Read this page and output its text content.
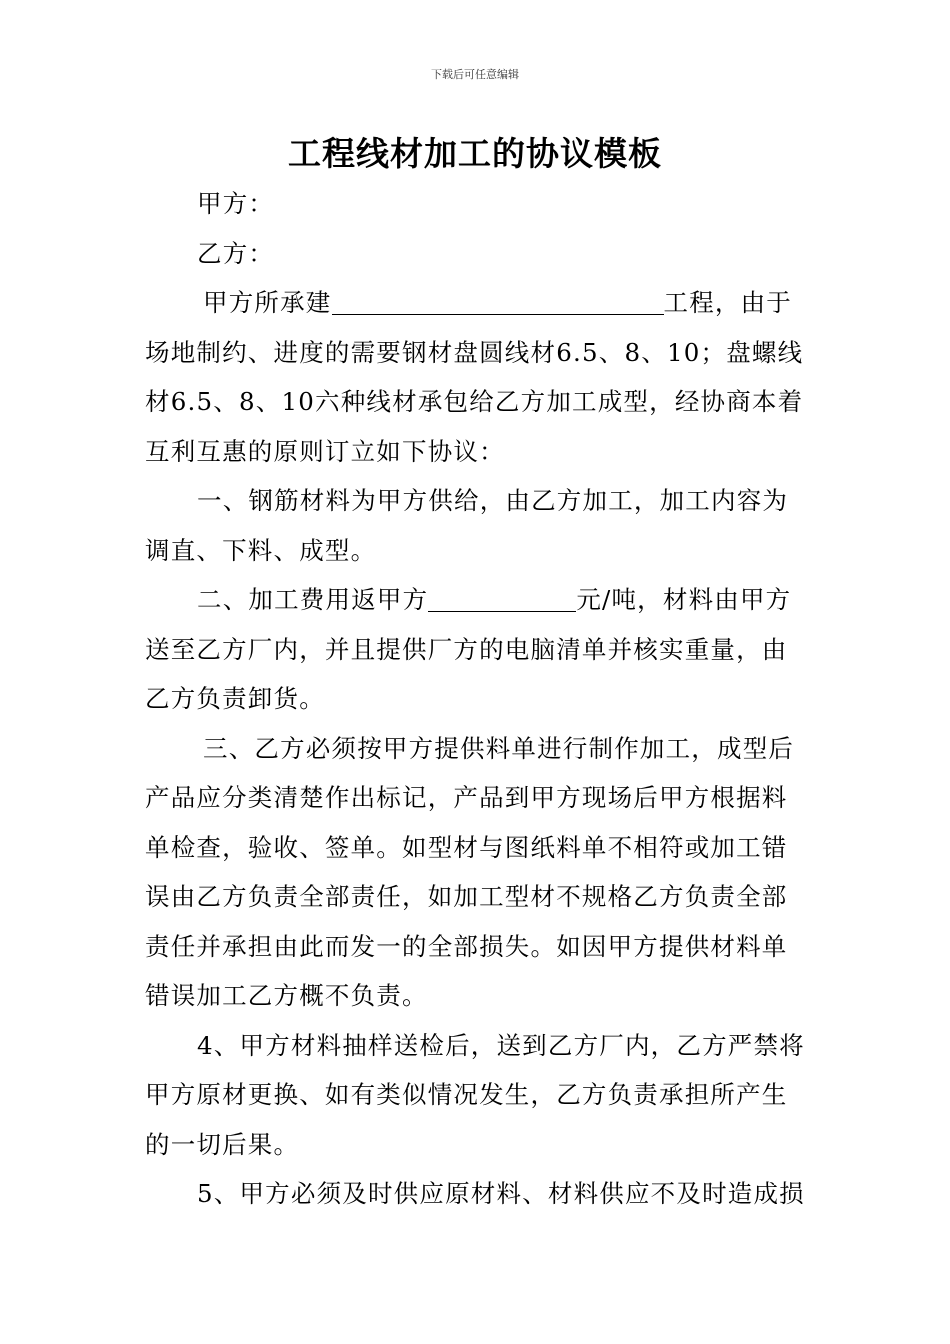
下载后可任意编辑
工程线材加工的协议模板
甲方：
乙方：
甲方所承建	工程，由于
场地制约、进度的需要钢材盘圆线材6.5、8、10；盘螺线
材6.5、8、10六种线材承包给乙方加工成型，经协商本着
互利互惠的原则订立如下协议：
一、钢筋材料为甲方供给，由乙方加工，加工内容为
调直、下料、成型。
二、加工费用返甲方	元/吨，材料由甲方
送至乙方厂内，并且提供厂方的电脑清单并核实重量，由
乙方负责卸货。
三、乙方必须按甲方提供料单进行制作加工，成型后
产品应分类清楚作出标记，产品到甲方现场后甲方根据料
单检查，验收、签单。如型材与图纸料单不相符或加工错
误由乙方负责全部责任，如加工型材不规格乙方负责全部
责任并承担由此而发一的全部损失。如因甲方提供材料单
错误加工乙方概不负责。
4、甲方材料抽样送检后，送到乙方厂内，乙方严禁将
甲方原材更换、如有类似情况发生，乙方负责承担所产生
的一切后果。
5、甲方必须及时供应原材料、材料供应不及时造成损
